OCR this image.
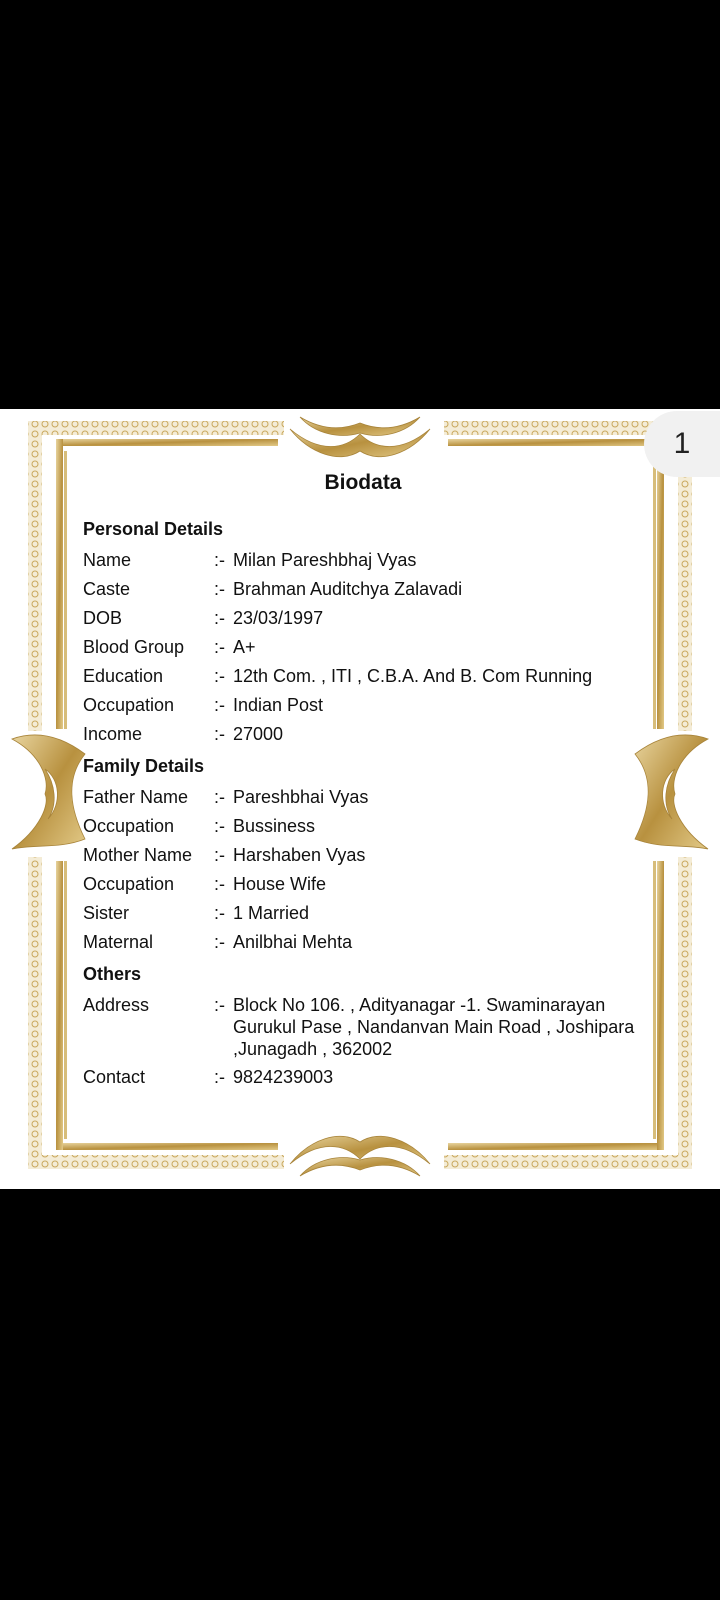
1
Biodata
Personal Details
Name	:- Milan Pareshbhaj Vyas
Caste	:- Brahman Auditchya Zalavadi
DOB	:- 23/03/1997
Blood Group	:- A+
Education	:- 12th Com. , ITI , C.B.A. And B. Com Running
Occupation	:- Indian Post
Income	:- 27000
Family Details
Father Name	:- Pareshbhai Vyas
Occupation	:- Bussiness
Mother Name	:- Harshaben Vyas
Occupation	:- House Wife
Sister	:- 1 Married
Maternal	:- Anilbhai Mehta
Others
Address	:- Block No 106. , Adityanagar -1. Swaminarayan Gurukul Pase , Nandanvan Main Road , Joshipara ,Junagadh , 362002
Contact	:- 9824239003
